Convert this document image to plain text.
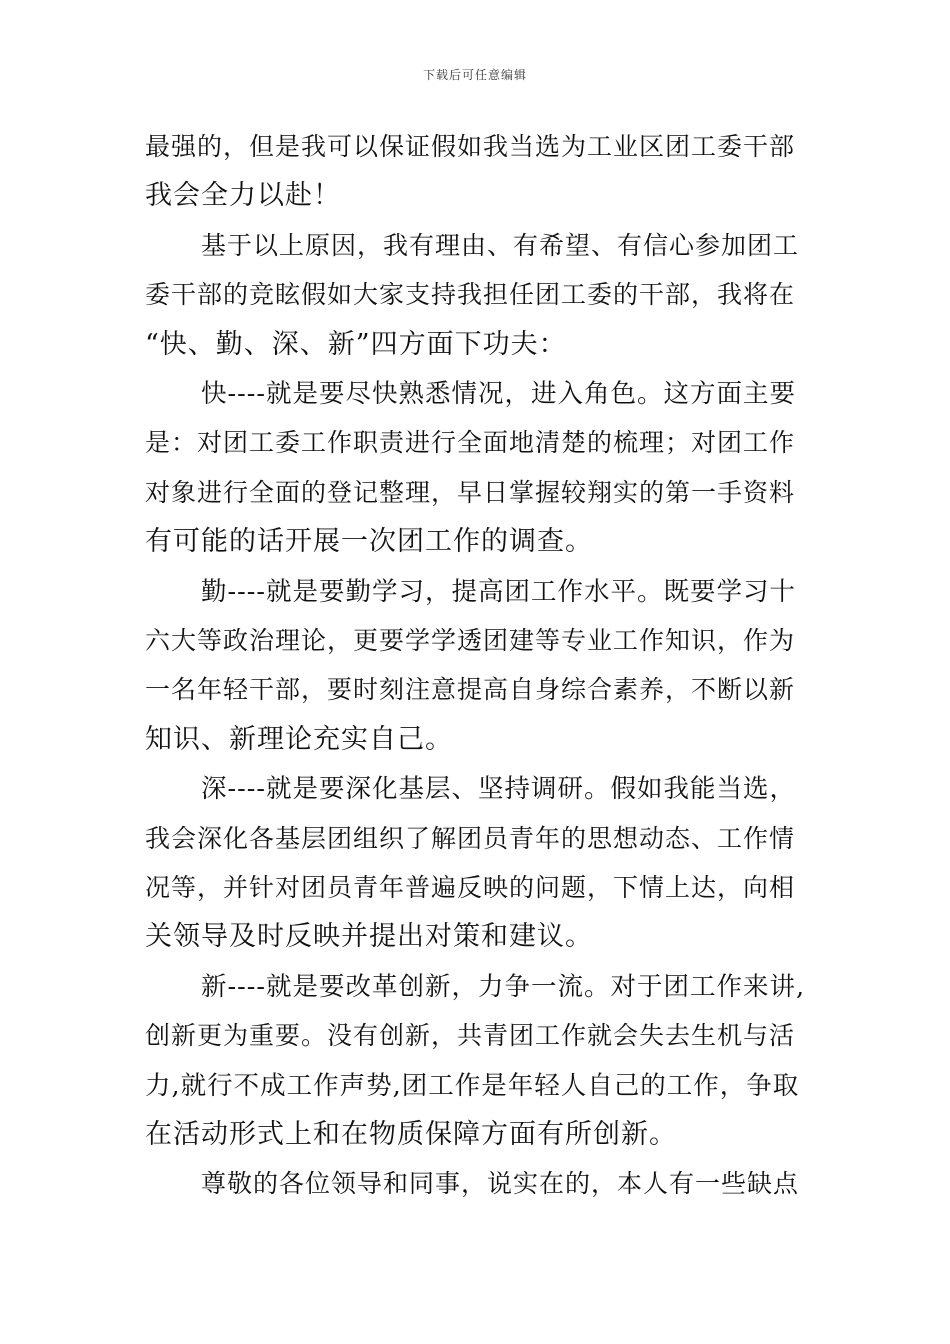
下载后可任意编辑
最强的，但是我可以保证假如我当选为工业区团工委干部
我会全力以赴！
基于以上原因，我有理由、有希望、有信心参加团工
委干部的竞眩假如大家支持我担任团工委的干部，我将在
“快、勤、深、新”四方面下功夫：
快----就是要尽快熟悉情况，进入角色。这方面主要
是：对团工委工作职责进行全面地清楚的梳理；对团工作
对象进行全面的登记整理，早日掌握较翔实的第一手资料
有可能的话开展一次团工作的调查。
勤----就是要勤学习，提高团工作水平。既要学习十
六大等政治理论，更要学学透团建等专业工作知识，作为
一名年轻干部，要时刻注意提高自身综合素养，不断以新
知识、新理论充实自己。
深----就是要深化基层、坚持调研。假如我能当选，
我会深化各基层团组织了解团员青年的思想动态、工作情
况等，并针对团员青年普遍反映的问题，下情上达，向相
关领导及时反映并提出对策和建议。
新----就是要改革创新，力争一流。对于团工作来讲,
创新更为重要。没有创新，共青团工作就会失去生机与活
力,就行不成工作声势,团工作是年轻人自己的工作，争取
在活动形式上和在物质保障方面有所创新。
尊敬的各位领导和同事，说实在的，本人有一些缺点
